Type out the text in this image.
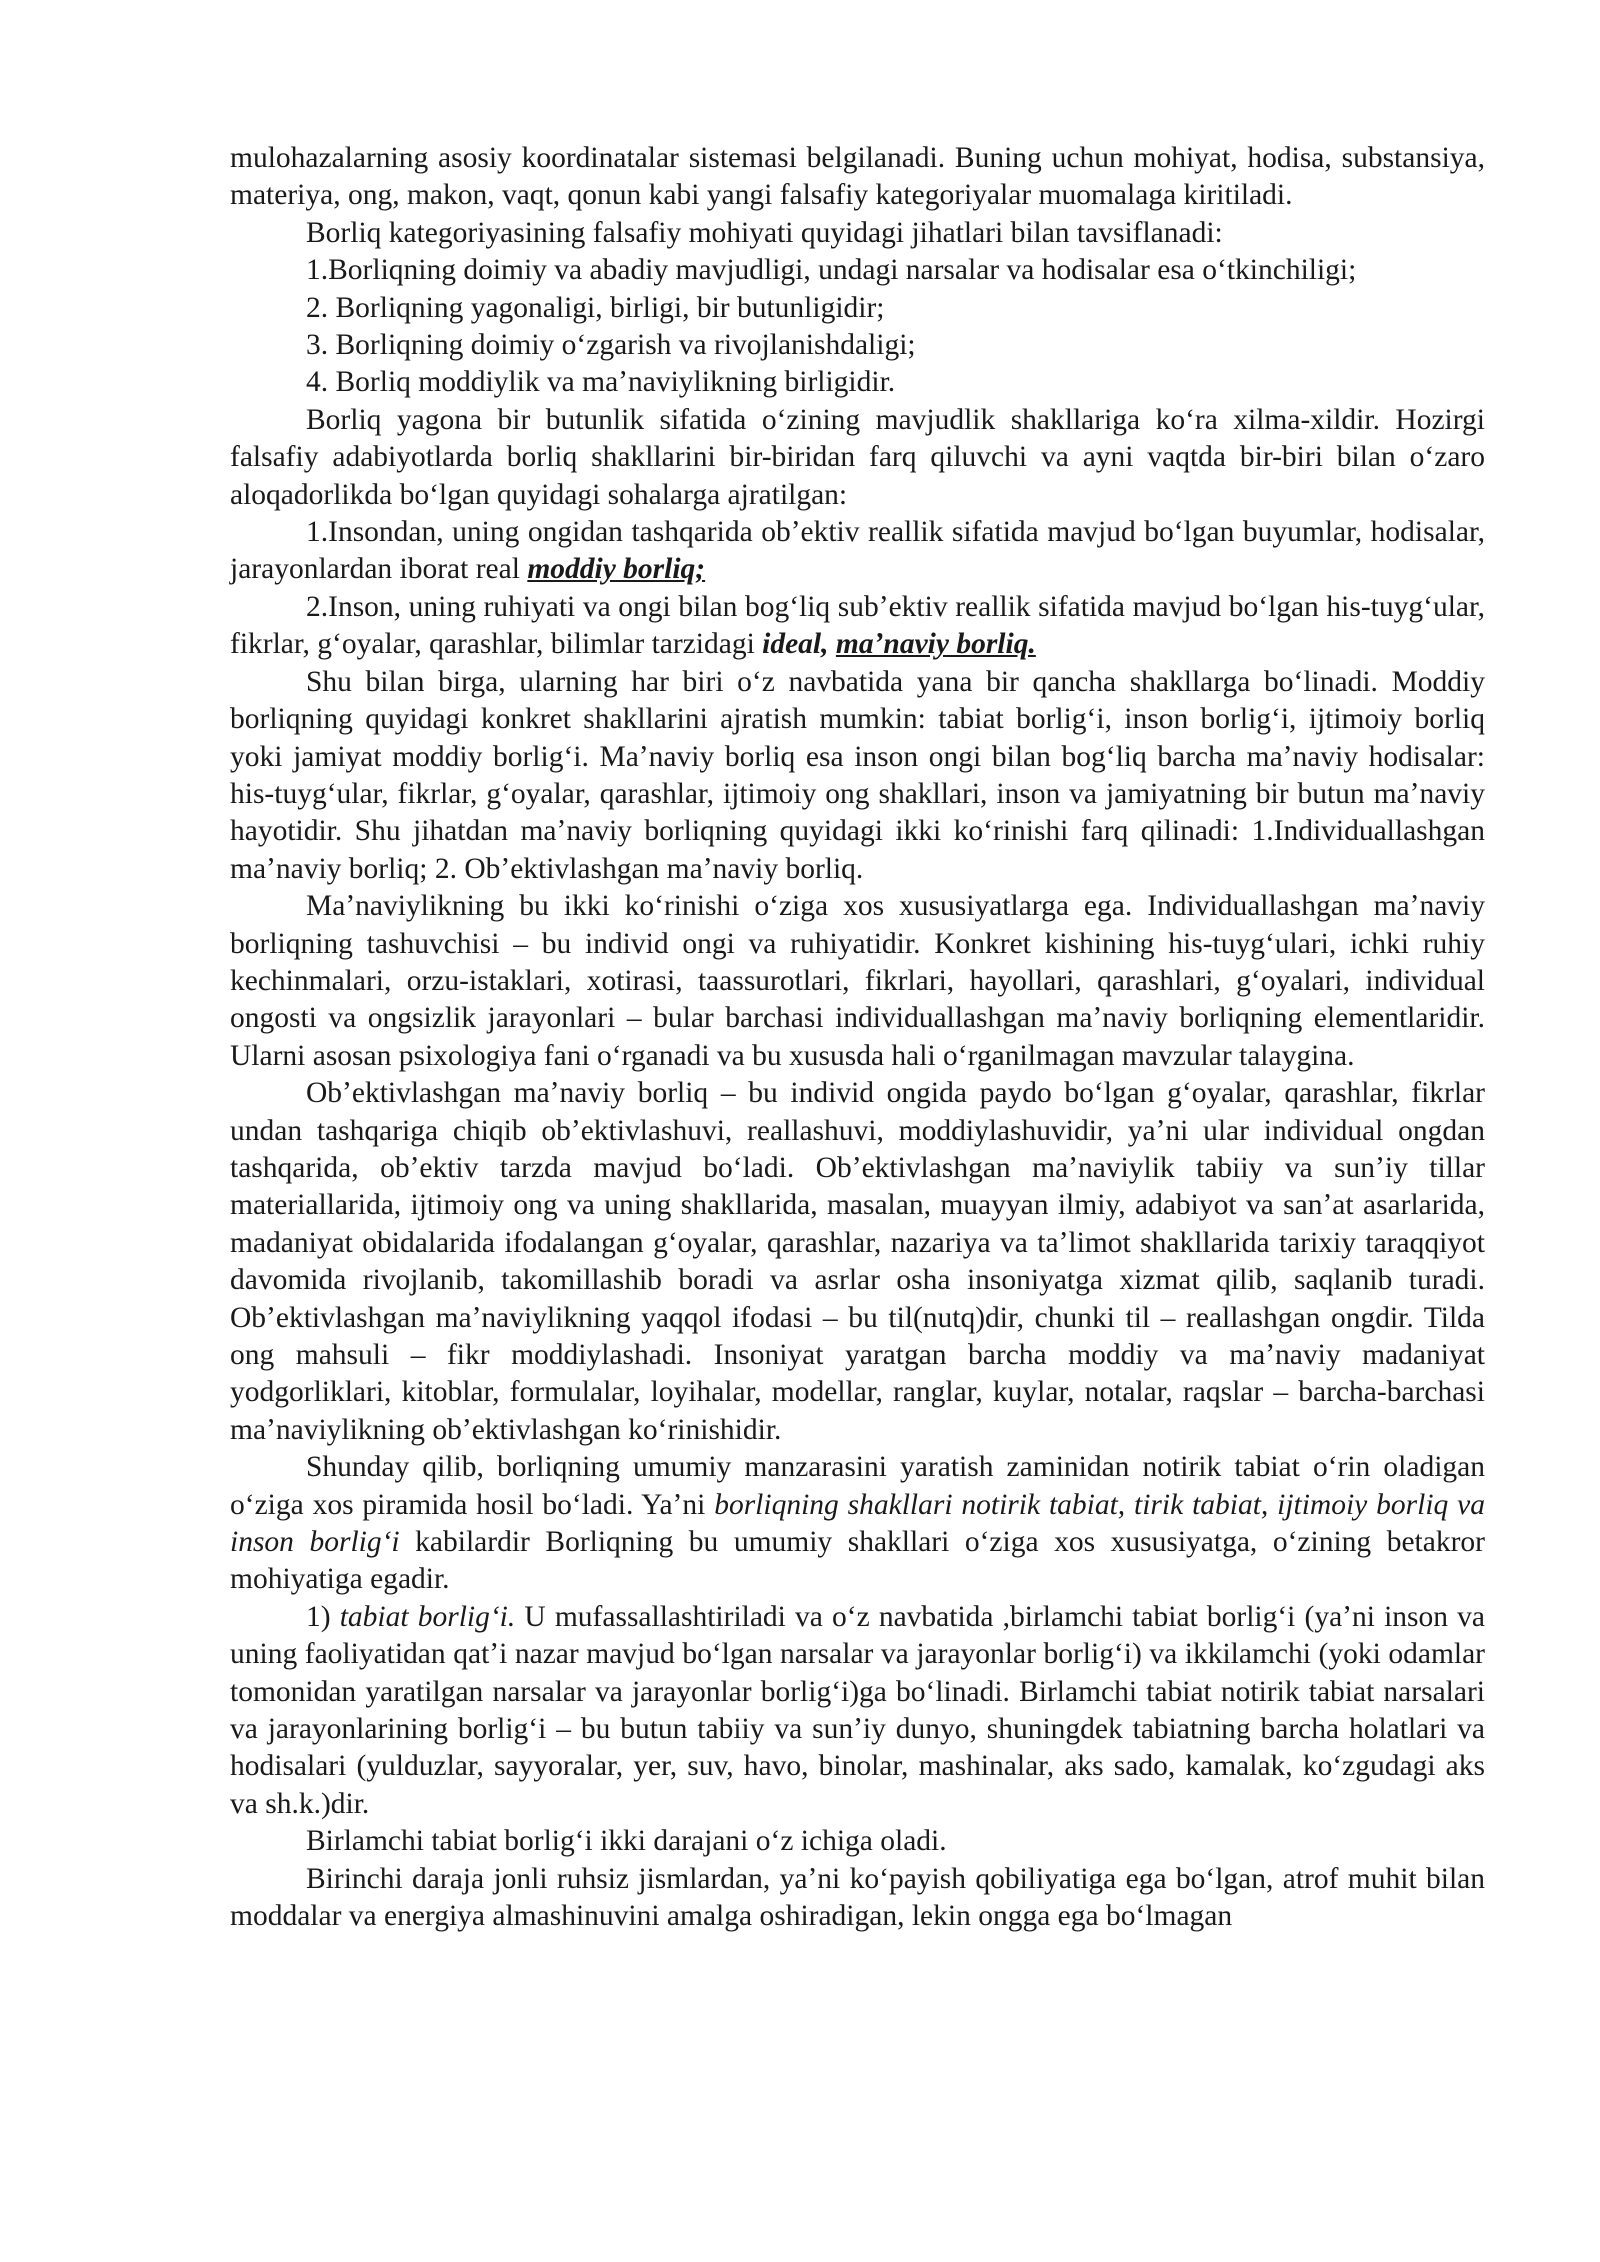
mulohazalarning asosiy koordinatalar sistemasi belgilanadi. Buning uchun mohiyat, hodisa, substansiya, materiya, ong, makon, vaqt, qonun kabi yangi falsafiy kategoriyalar muomalaga kiritiladi.

Borliq kategoriyasining falsafiy mohiyati quyidagi jihatlari bilan tavsiflanadi:

1.Borliqning doimiy va abadiy mavjudligi, undagi narsalar va hodisalar esa oʻtkinchiligi;

2. Borliqning yagonaligi, birligi, bir butunligidir;

3. Borliqning doimiy oʻzgarish va rivojlanishdaligi;

4. Borliq moddiylik va maʼnaviylikning birligidir.

Borliq yagona bir butunlik sifatida oʻzining mavjudlik shakllariga koʻra xilma-xildir. Hozirgi falsafiy adabiyotlarda borliq shakllarini bir-biridan farq qiluvchi va ayni vaqtda bir-biri bilan oʻzaro aloqadorlikda boʻlgan quyidagi sohalarga ajratilgan:

1.Insondan, uning ongidan tashqarida obʼektiv reallik sifatida mavjud boʻlgan buyumlar, hodisalar, jarayonlardan iborat real moddiy borliq;

2.Inson, uning ruhiyati va ongi bilan bogʻliq subʼektiv reallik sifatida mavjud boʻlgan his-tuygʻular, fikrlar, gʻoyalar, qarashlar, bilimlar tarzidagi ideal, maʼnaviy borliq.

Shu bilan birga, ularning har biri oʻz navbatida yana bir qancha shakllarga boʻlinadi. Moddiy borliqning quyidagi konkret shakllarini ajratish mumkin: tabiat borligʻi, inson borligʻi, ijtimoiy borliq yoki jamiyat moddiy borligʻi. Maʼnaviy borliq esa inson ongi bilan bogʻliq barcha maʼnaviy hodisalar: his-tuygʻular, fikrlar, gʻoyalar, qarashlar, ijtimoiy ong shakllari, inson va jamiyatning bir butun maʼnaviy hayotidir. Shu jihatdan maʼnaviy borliqning quyidagi ikki koʻrinishi farq qilinadi: 1.Individuallashgan maʼnaviy borliq; 2. Obʼektivlashgan maʼnaviy borliq.

Maʼnaviylikning bu ikki koʻrinishi oʻziga xos xususiyatlarga ega. Individuallashgan maʼnaviy borliqning tashuvchisi – bu individ ongi va ruhiyatidir. Konkret kishining his-tuygʻulari, ichki ruhiy kechinmalari, orzu-istaklari, xotirasi, taassurotlari, fikrlari, hayollari, qarashlari, gʻoyalari, individual ongosti va ongsizlik jarayonlari – bular barchasi individuallashgan maʼnaviy borliqning elementlaridir. Ularni asosan psixologiya fani oʻrganadi va bu xususda hali oʻrganilmagan mavzular talaygina.

Obʼektivlashgan maʼnaviy borliq – bu individ ongida paydo boʻlgan gʻoyalar, qarashlar, fikrlar undan tashqariga chiqib obʼektivlashuvi, reallashuvi, moddiylashuvidir, yaʼni ular individual ongdan tashqarida, obʼektiv tarzda mavjud boʻladi. Obʼektivlashgan maʼnaviylik tabiiy va sunʼiy tillar materiallarida, ijtimoiy ong va uning shakllarida, masalan, muayyan ilmiy, adabiyot va sanʼat asarlarida, madaniyat obidalarida ifodalangan gʻoyalar, qarashlar, nazariya va taʼlimot shakllarida tarixiy taraqqiyot davomida rivojlanib, takomillashib boradi va asrlar osha insoniyatga xizmat qilib, saqlanib turadi. Obʼektivlashgan maʼnaviylikning yaqqol ifodasi – bu til(nutq)dir, chunki til – reallashgan ongdir. Tilda ong mahsuli – fikr moddiylashadi. Insoniyat yaratgan barcha moddiy va maʼnaviy madaniyat yodgorliklari, kitoblar, formulalar, loyihalar, modellar, ranglar, kuylar, notalar, raqslar – barcha-barchasi maʼnaviylikning obʼektivlashgan koʻrinishidir.

Shunday qilib, borliqning umumiy manzarasini yaratish zaminidan notirik tabiat oʻrin oladigan oʻziga xos piramida hosil boʻladi. Yaʼni borliqning shakllari notirik tabiat, tirik tabiat, ijtimoiy borliq va inson borligʻi kabilardir Borliqning bu umumiy shakllari oʻziga xos xususiyatga, oʻzining betakror mohiyatiga egadir.

1) tabiat borligʻi. U mufassallashtiriladi va oʻz navbatida ,birlamchi tabiat borligʻi (yaʼni inson va uning faoliyatidan qatʼi nazar mavjud boʻlgan narsalar va jarayonlar borligʻi) va ikkilamchi (yoki odamlar tomonidan yaratilgan narsalar va jarayonlar borligʻi)ga boʻlinadi. Birlamchi tabiat notirik tabiat narsalari va jarayonlarining borligʻi – bu butun tabiiy va sunʼiy dunyo, shuningdek tabiatning barcha holatlari va hodisalari (yulduzlar, sayyoralar, yer, suv, havo, binolar, mashinalar, aks sado, kamalak, koʻzgudagi aks va sh.k.)dir.

Birlamchi tabiat borligʻi ikki darajani oʻz ichiga oladi.

Birinchi daraja jonli ruhsiz jismlardan, yaʼni koʻpayish qobiliyatiga ega boʻlgan, atrof muhit bilan moddalar va energiya almashinuvini amalga oshiradigan, lekin ongga ega boʻlmagan
